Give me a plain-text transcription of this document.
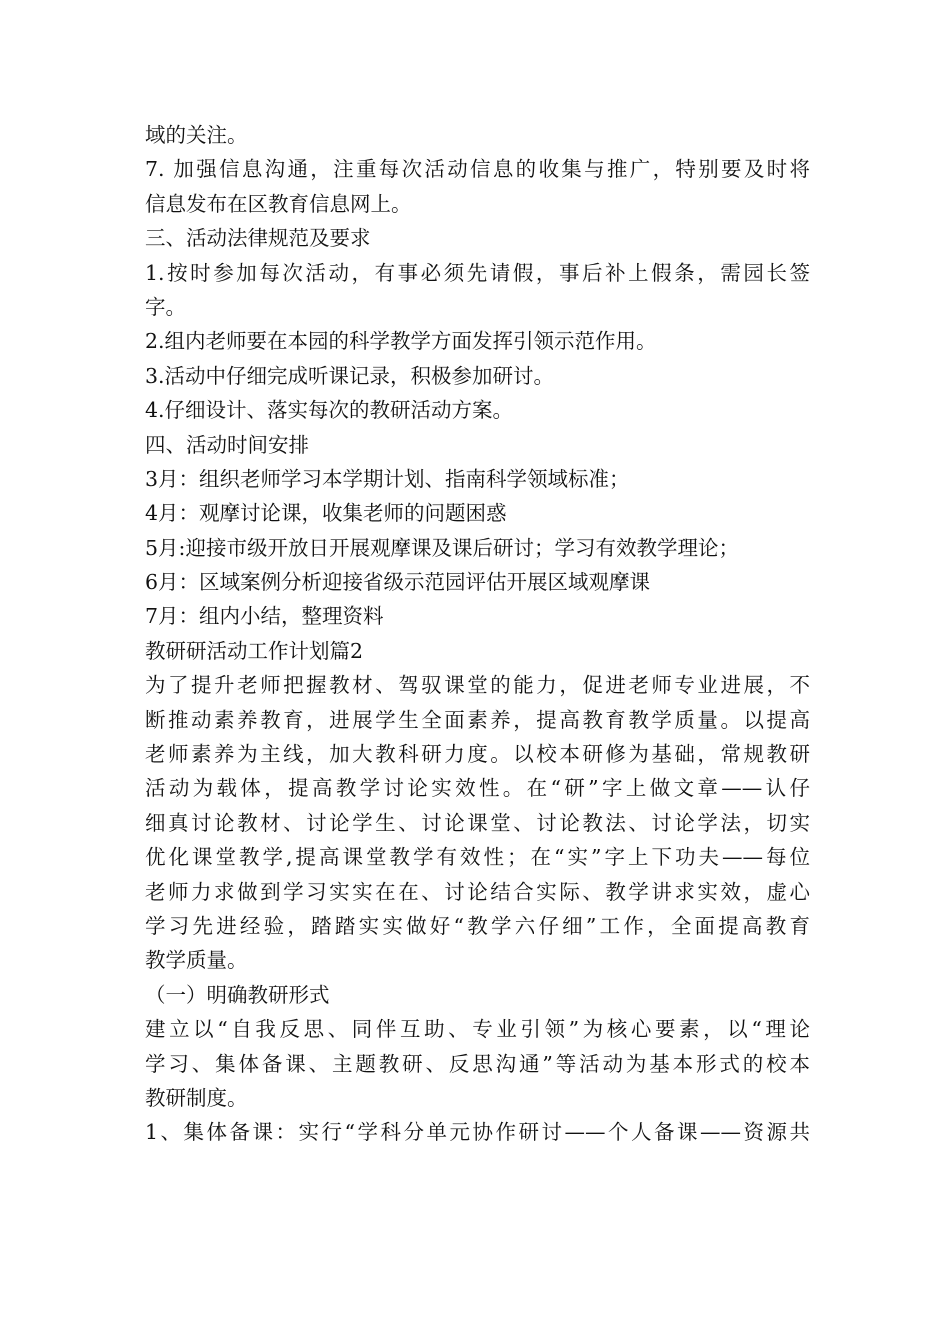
域的关注。
7. 加强信息沟通，注重每次活动信息的收集与推广，特别要及时将
信息发布在区教育信息网上。
三、活动法律规范及要求
1.按时参加每次活动，有事必须先请假，事后补上假条，需园长签
字。
2.组内老师要在本园的科学教学方面发挥引领示范作用。
3.活动中仔细完成听课记录，积极参加研讨。
4.仔细设计、落实每次的教研活动方案。
四、活动时间安排
3月：组织老师学习本学期计划、指南科学领域标准；
4月：观摩讨论课，收集老师的问题困惑
5月:迎接市级开放日开展观摩课及课后研讨；学习有效教学理论；
6月：区域案例分析迎接省级示范园评估开展区域观摩课
7月：组内小结，整理资料
教研研活动工作计划篇2
为了提升老师把握教材、驾驭课堂的能力，促进老师专业进展，不
断推动素养教育，进展学生全面素养，提高教育教学质量。以提高
老师素养为主线，加大教科研力度。以校本研修为基础，常规教研
活动为载体，提高教学讨论实效性。在“研”字上做文章——认仔
细真讨论教材、讨论学生、讨论课堂、讨论教法、讨论学法，切实
优化课堂教学,提高课堂教学有效性；在“实”字上下功夫——每位
老师力求做到学习实实在在、讨论结合实际、教学讲求实效，虚心
学习先进经验，踏踏实实做好“教学六仔细”工作，全面提高教育
教学质量。
（一）明确教研形式
建立以“自我反思、同伴互助、专业引领”为核心要素，以“理论
学习、集体备课、主题教研、反思沟通”等活动为基本形式的校本
教研制度。
1、集体备课：实行“学科分单元协作研讨——个人备课——资源共
